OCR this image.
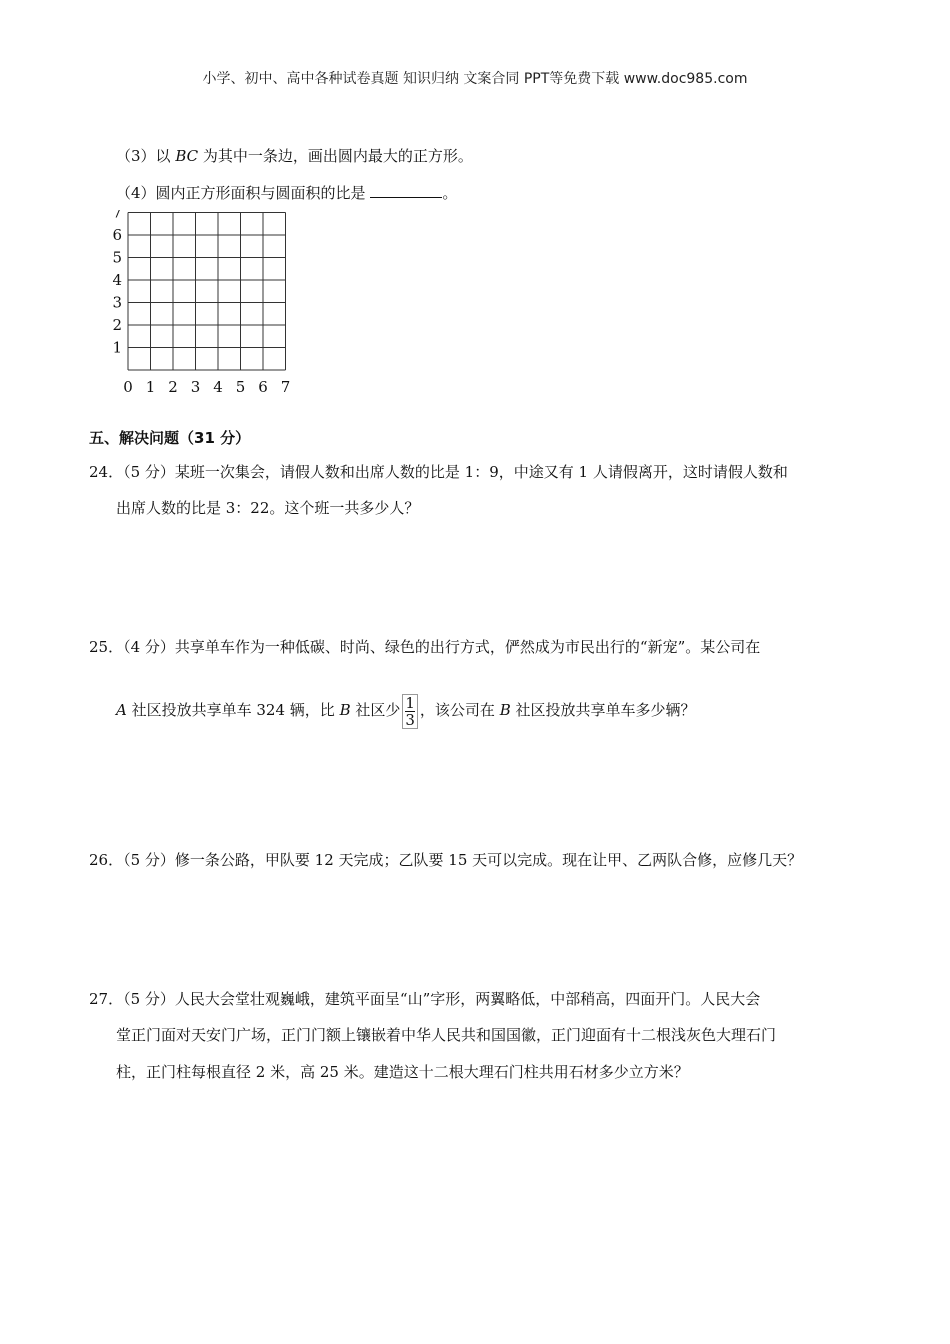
小学、初中、高中各种试卷真题 知识归纳 文案合同 PPT等免费下载 www.doc985.com
（3）以 BC 为其中一条边，画出圆内最大的正方形。
（4）圆内正方形面积与圆面积的比是	。
0 1 2 3 4 5 6 7
1
2
3
4
5
6
7
五、解决问题（31 分）
24．（5 分）某班一次集会，请假人数和出席人数的比是 1：9，中途又有 1 人请假离开，这时请假人数和
出席人数的比是 3：22。这个班一共多少人？
25．（4 分）共享单车作为一种低碳、时尚、绿色的出行方式，俨然成为市民出行的“新宠”。某公司在
A 社区投放共享单车 324 辆，比 B 社区少 $\frac{1}{3}$ ，该公司在 B 社区投放共享单车多少辆？
26．（5 分）修一条公路，甲队要 12 天完成；乙队要 15 天可以完成。现在让甲、乙两队合修，应修几天？
27．（5 分）人民大会堂壮观巍峨，建筑平面呈“山”字形，两翼略低，中部稍高，四面开门。人民大会
堂正门面对天安门广场，正门门额上镶嵌着中华人民共和国国徽，正门迎面有十二根浅灰色大理石门
柱，正门柱每根直径 2 米，高 25 米。建造这十二根大理石门柱共用石材多少立方米？
